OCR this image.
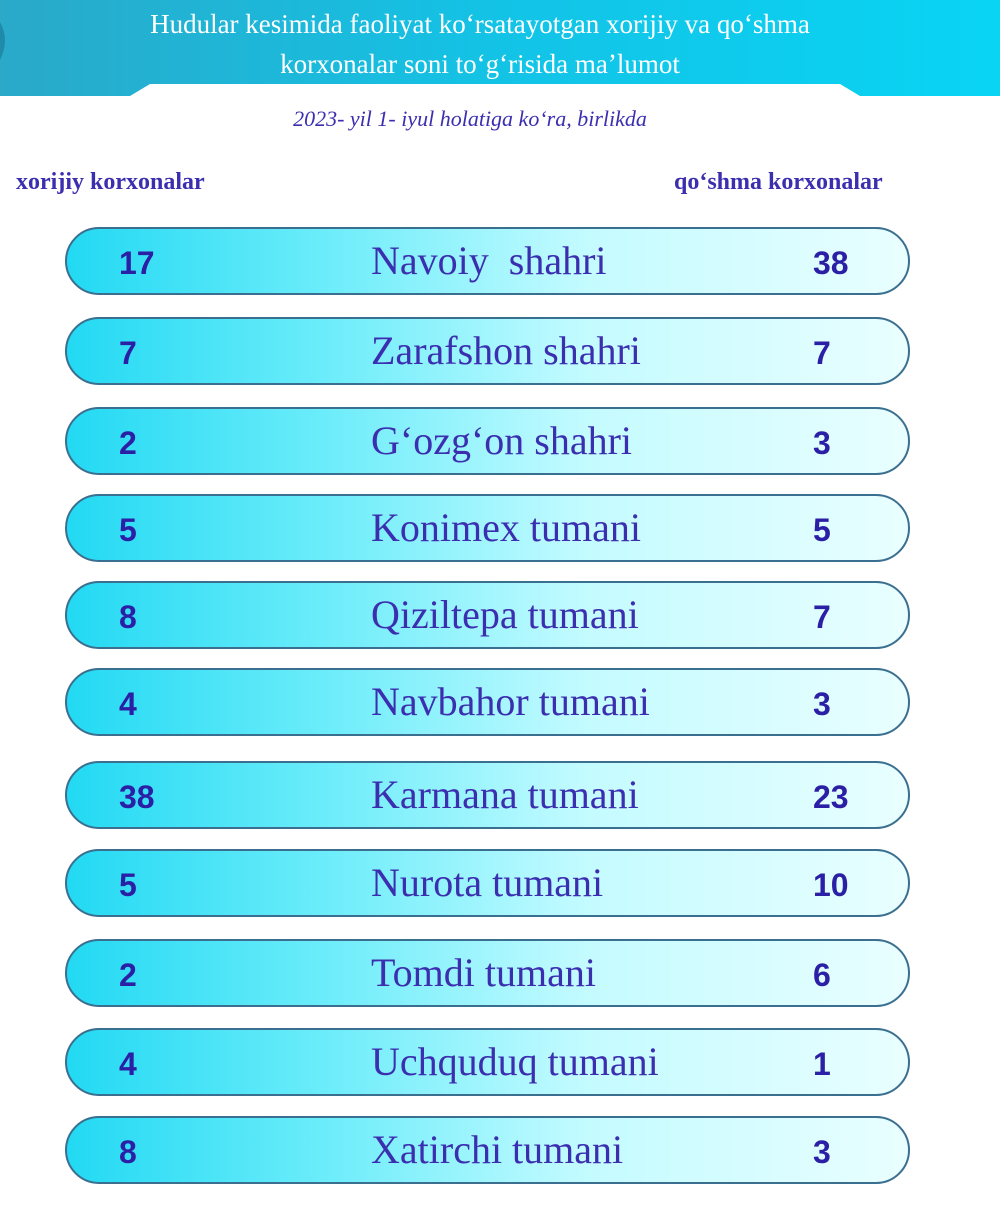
Hudular kesimida faoliyat koʻrsatayotgan xorijiy va qoʻshma
korxonalar soni toʻgʻrisida maʼlumot
2023- yil 1- iyul holatiga koʻra, birlikda
xorijiy korxonalar	qoʻshma korxonalar
17	Navoiy  shahri	38
7	Zarafshon shahri	7
2	Gʻozgʻon shahri	3
5	Konimex tumani	5
8	Qiziltepa tumani	7
4	Navbahor tumani	3
38	Karmana tumani	23
5	Nurota tumani	10
2	Tomdi tumani	6
4	Uchquduq tumani	1
8	Xatirchi tumani	3
